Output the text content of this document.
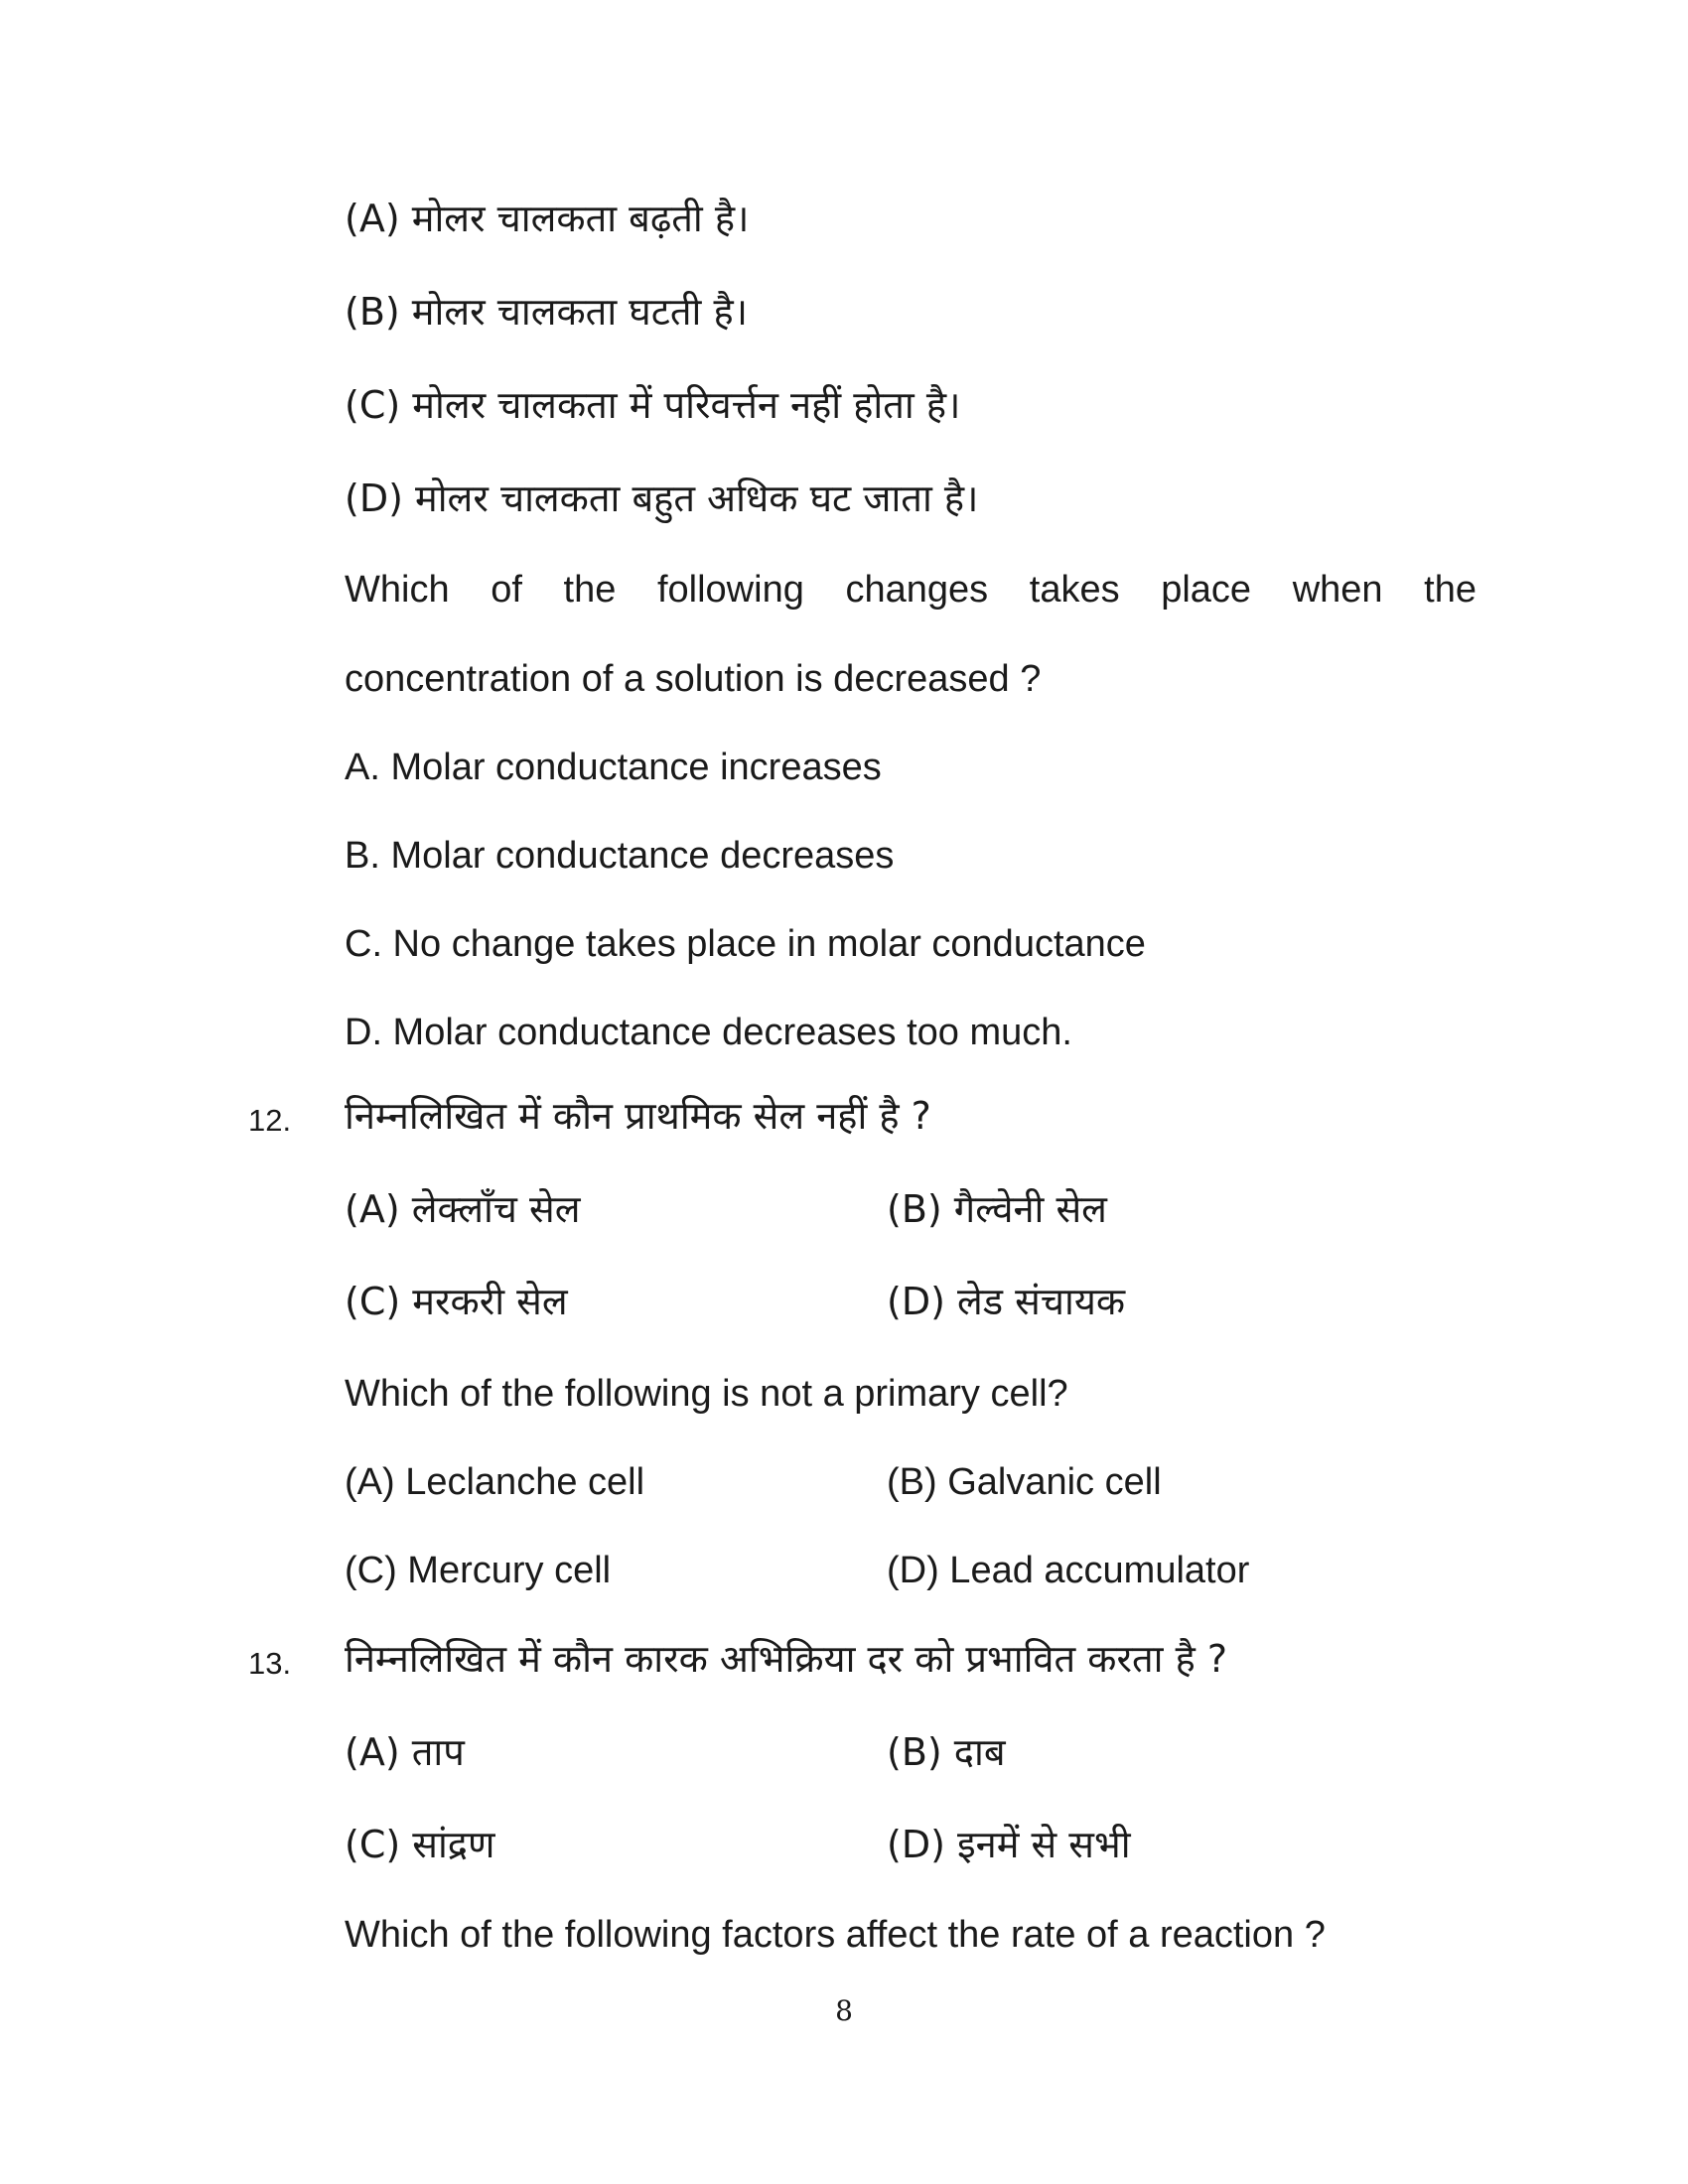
(A) मोलर चालकता बढ़ती है।
(B) मोलर चालकता घटती है।
(C) मोलर चालकता में परिवर्त्तन नहीं होता है।
(D) मोलर चालकता बहुत अधिक घट जाता है।
Which of the following changes takes place when the
concentration of a solution is decreased ?
A. Molar conductance increases
B. Molar conductance decreases
C. No change takes place in molar conductance
D. Molar conductance decreases too much.
12. निम्नलिखित में कौन प्राथमिक सेल नहीं है ?
(A) लेक्लाँच सेल	(B) गैल्वेनी सेल
(C) मरकरी सेल	(D) लेड संचायक
Which of the following is not a primary cell?
(A) Leclanche cell	(B) Galvanic cell
(C) Mercury cell	(D) Lead accumulator
13. निम्नलिखित में कौन कारक अभिक्रिया दर को प्रभावित करता है ?
(A) ताप	(B) दाब
(C) सांद्रण	(D) इनमें से सभी
Which of the following factors affect the rate of a reaction ?
8
